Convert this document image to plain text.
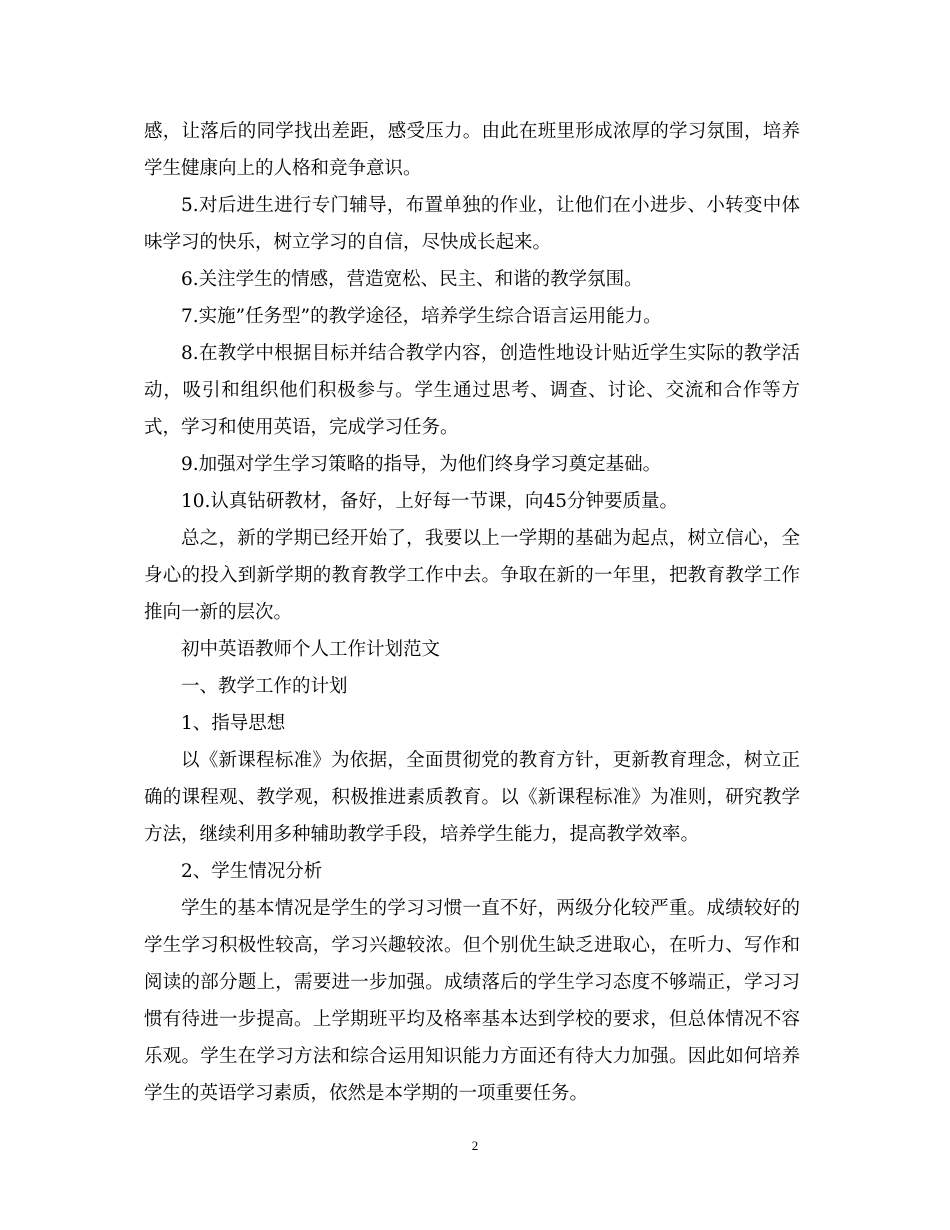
感，让落后的同学找出差距，感受压力。由此在班里形成浓厚的学习氛围，培养学生健康向上的人格和竞争意识。

5.对后进生进行专门辅导，布置单独的作业，让他们在小进步、小转变中体味学习的快乐，树立学习的自信，尽快成长起来。

6.关注学生的情感，营造宽松、民主、和谐的教学氛围。

7.实施”任务型”的教学途径，培养学生综合语言运用能力。

8.在教学中根据目标并结合教学内容，创造性地设计贴近学生实际的教学活动，吸引和组织他们积极参与。学生通过思考、调查、讨论、交流和合作等方式，学习和使用英语，完成学习任务。

9.加强对学生学习策略的指导，为他们终身学习奠定基础。

10.认真钻研教材，备好，上好每一节课，向45分钟要质量。

总之，新的学期已经开始了，我要以上一学期的基础为起点，树立信心，全身心的投入到新学期的教育教学工作中去。争取在新的一年里，把教育教学工作推向一新的层次。

初中英语教师个人工作计划范文

一、教学工作的计划

1、指导思想

以《新课程标准》为依据，全面贯彻党的教育方针，更新教育理念，树立正确的课程观、教学观，积极推进素质教育。以《新课程标准》为准则，研究教学方法，继续利用多种辅助教学手段，培养学生能力，提高教学效率。

2、学生情况分析

学生的基本情况是学生的学习习惯一直不好，两级分化较严重。成绩较好的学生学习积极性较高，学习兴趣较浓。但个别优生缺乏进取心，在听力、写作和阅读的部分题上，需要进一步加强。成绩落后的学生学习态度不够端正，学习习惯有待进一步提高。上学期班平均及格率基本达到学校的要求，但总体情况不容乐观。学生在学习方法和综合运用知识能力方面还有待大力加强。因此如何培养学生的英语学习素质，依然是本学期的一项重要任务。

2
